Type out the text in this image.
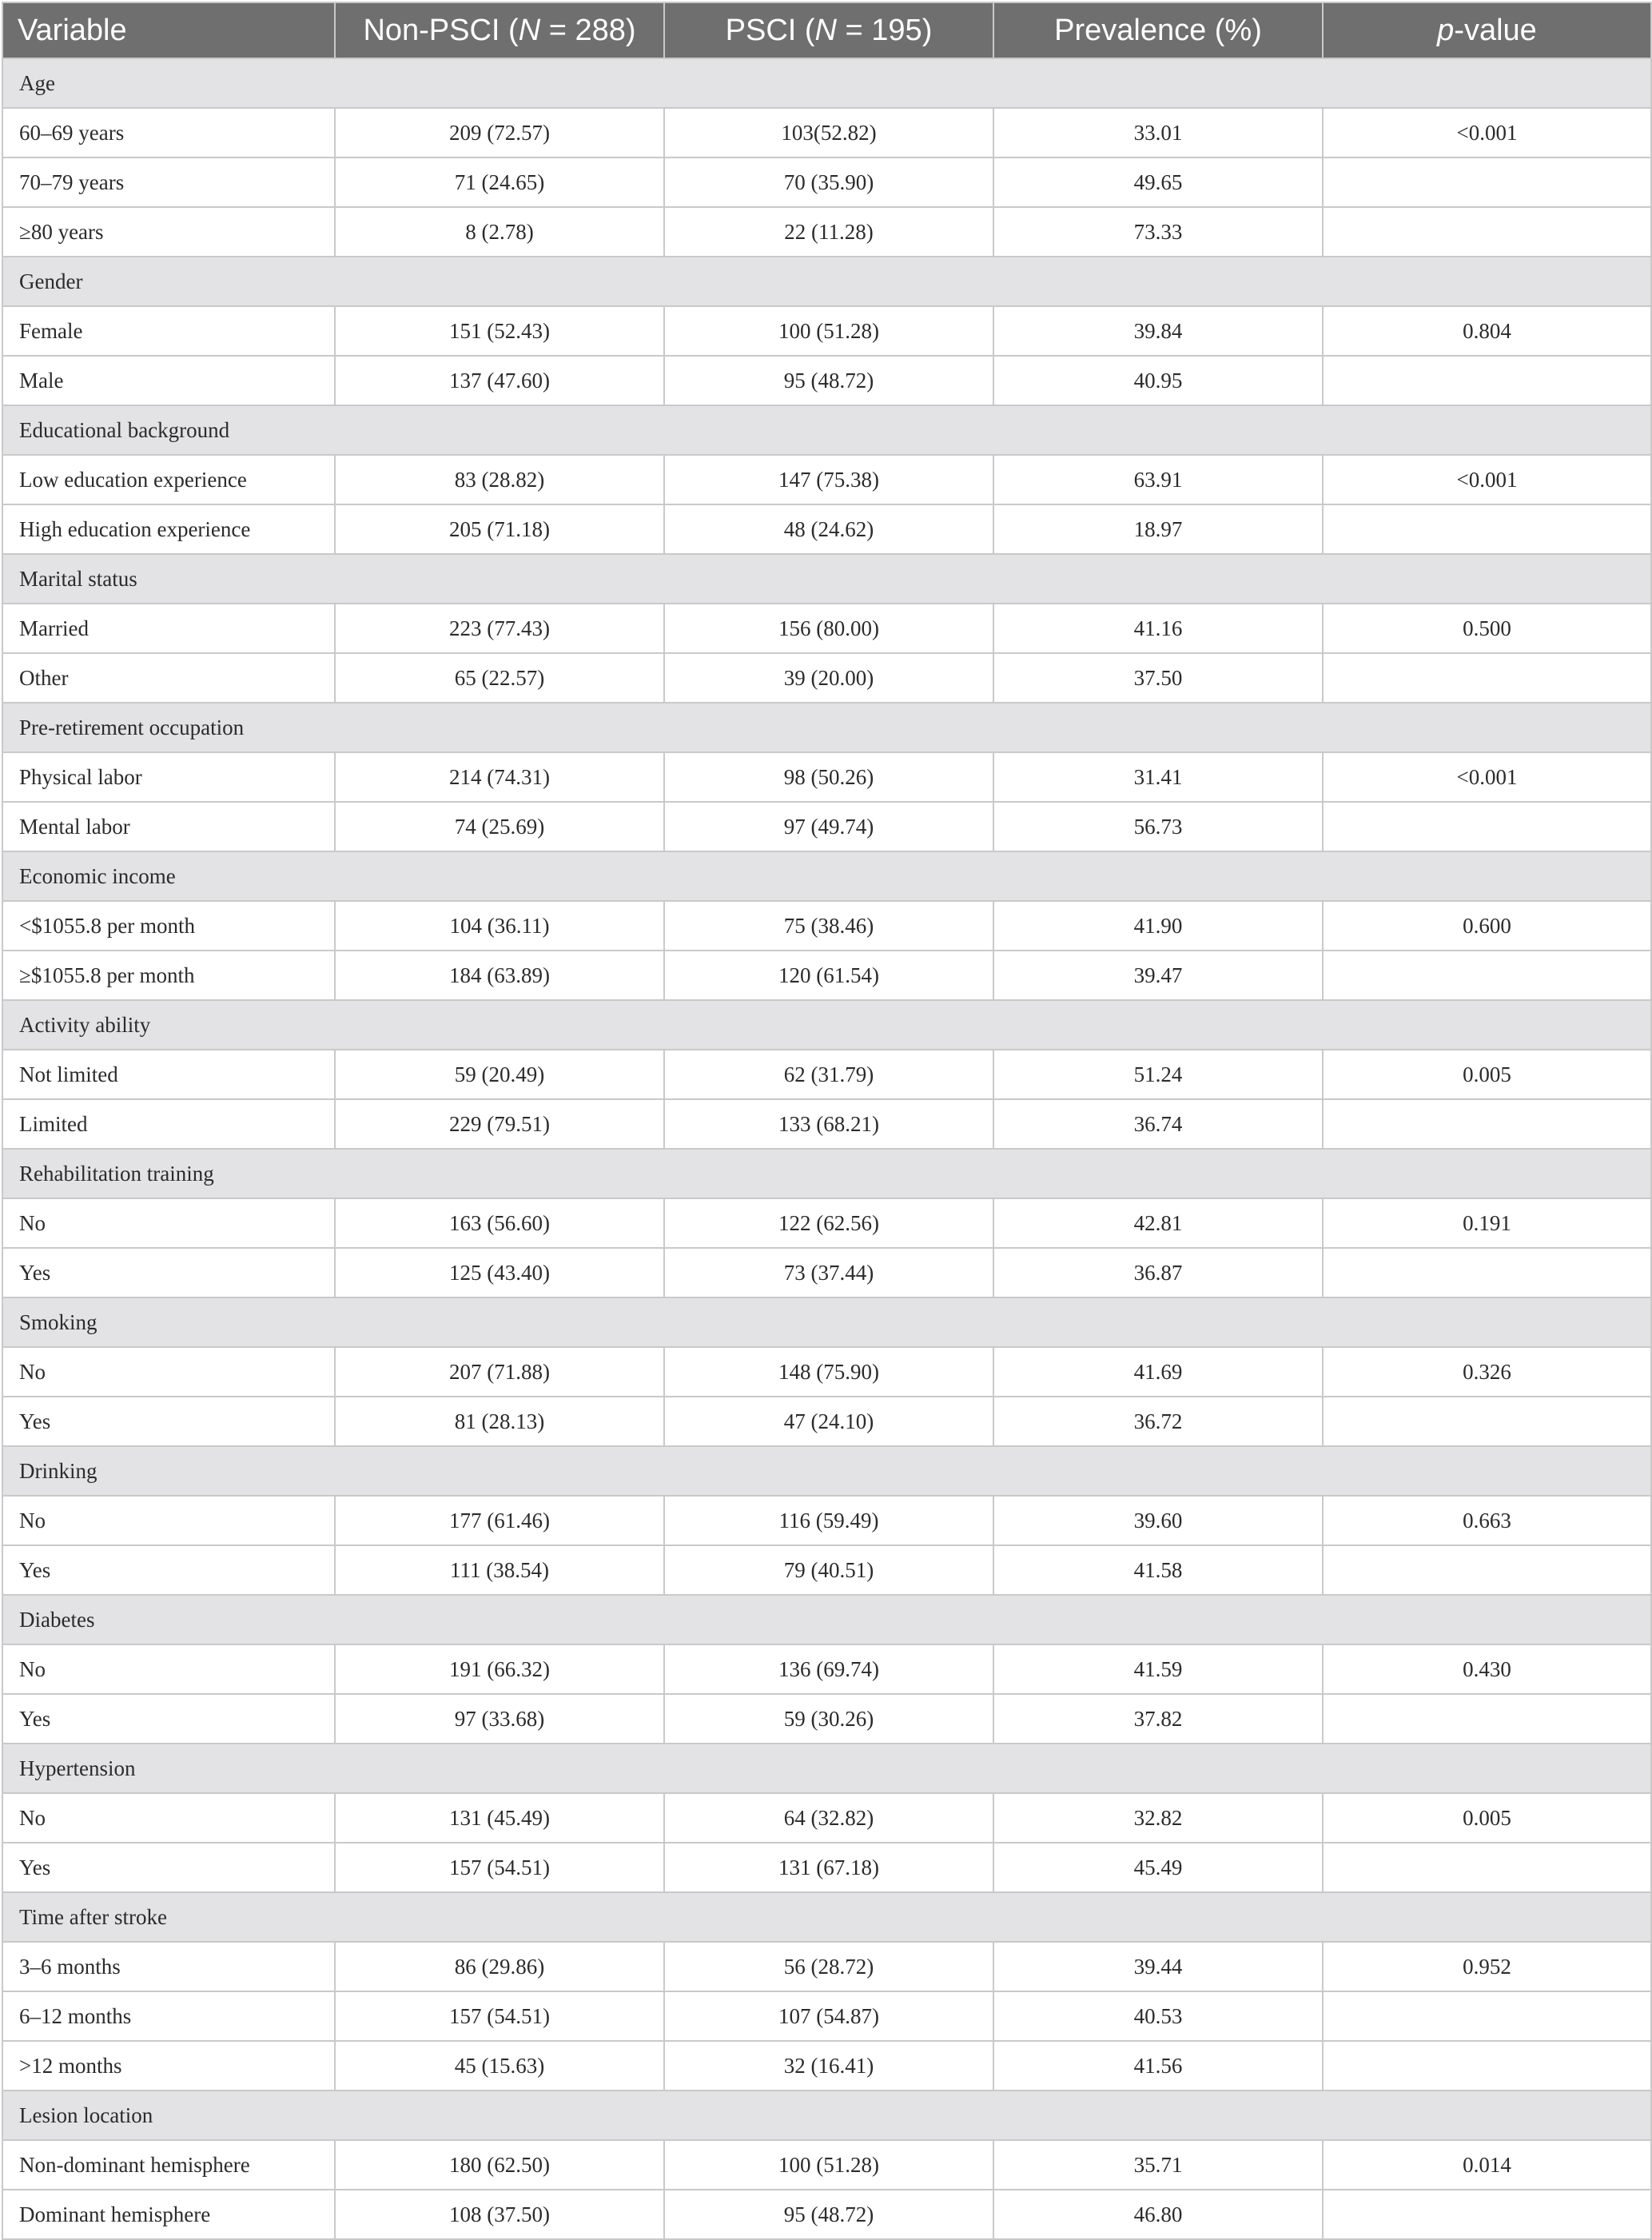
Variable	Non-PSCI (N = 288)	PSCI (N = 195)	Prevalence (%)	p-value
Age				
60–69 years	209 (72.57)	103(52.82)	33.01	<0.001
70–79 years	71 (24.65)	70 (35.90)	49.65	
≥80 years	8 (2.78)	22 (11.28)	73.33	
Gender				
Female	151 (52.43)	100 (51.28)	39.84	0.804
Male	137 (47.60)	95 (48.72)	40.95	
Educational background				
Low education experience	83 (28.82)	147 (75.38)	63.91	<0.001
High education experience	205 (71.18)	48 (24.62)	18.97	
Marital status				
Married	223 (77.43)	156 (80.00)	41.16	0.500
Other	65 (22.57)	39 (20.00)	37.50	
Pre-retirement occupation				
Physical labor	214 (74.31)	98 (50.26)	31.41	<0.001
Mental labor	74 (25.69)	97 (49.74)	56.73	
Economic income				
<$1055.8 per month	104 (36.11)	75 (38.46)	41.90	0.600
≥$1055.8 per month	184 (63.89)	120 (61.54)	39.47	
Activity ability				
Not limited	59 (20.49)	62 (31.79)	51.24	0.005
Limited	229 (79.51)	133 (68.21)	36.74	
Rehabilitation training				
No	163 (56.60)	122 (62.56)	42.81	0.191
Yes	125 (43.40)	73 (37.44)	36.87	
Smoking				
No	207 (71.88)	148 (75.90)	41.69	0.326
Yes	81 (28.13)	47 (24.10)	36.72	
Drinking				
No	177 (61.46)	116 (59.49)	39.60	0.663
Yes	111 (38.54)	79 (40.51)	41.58	
Diabetes				
No	191 (66.32)	136 (69.74)	41.59	0.430
Yes	97 (33.68)	59 (30.26)	37.82	
Hypertension				
No	131 (45.49)	64 (32.82)	32.82	0.005
Yes	157 (54.51)	131 (67.18)	45.49	
Time after stroke				
3–6 months	86 (29.86)	56 (28.72)	39.44	0.952
6–12 months	157 (54.51)	107 (54.87)	40.53	
>12 months	45 (15.63)	32 (16.41)	41.56	
Lesion location				
Non-dominant hemisphere	180 (62.50)	100 (51.28)	35.71	0.014
Dominant hemisphere	108 (37.50)	95 (48.72)	46.80	
